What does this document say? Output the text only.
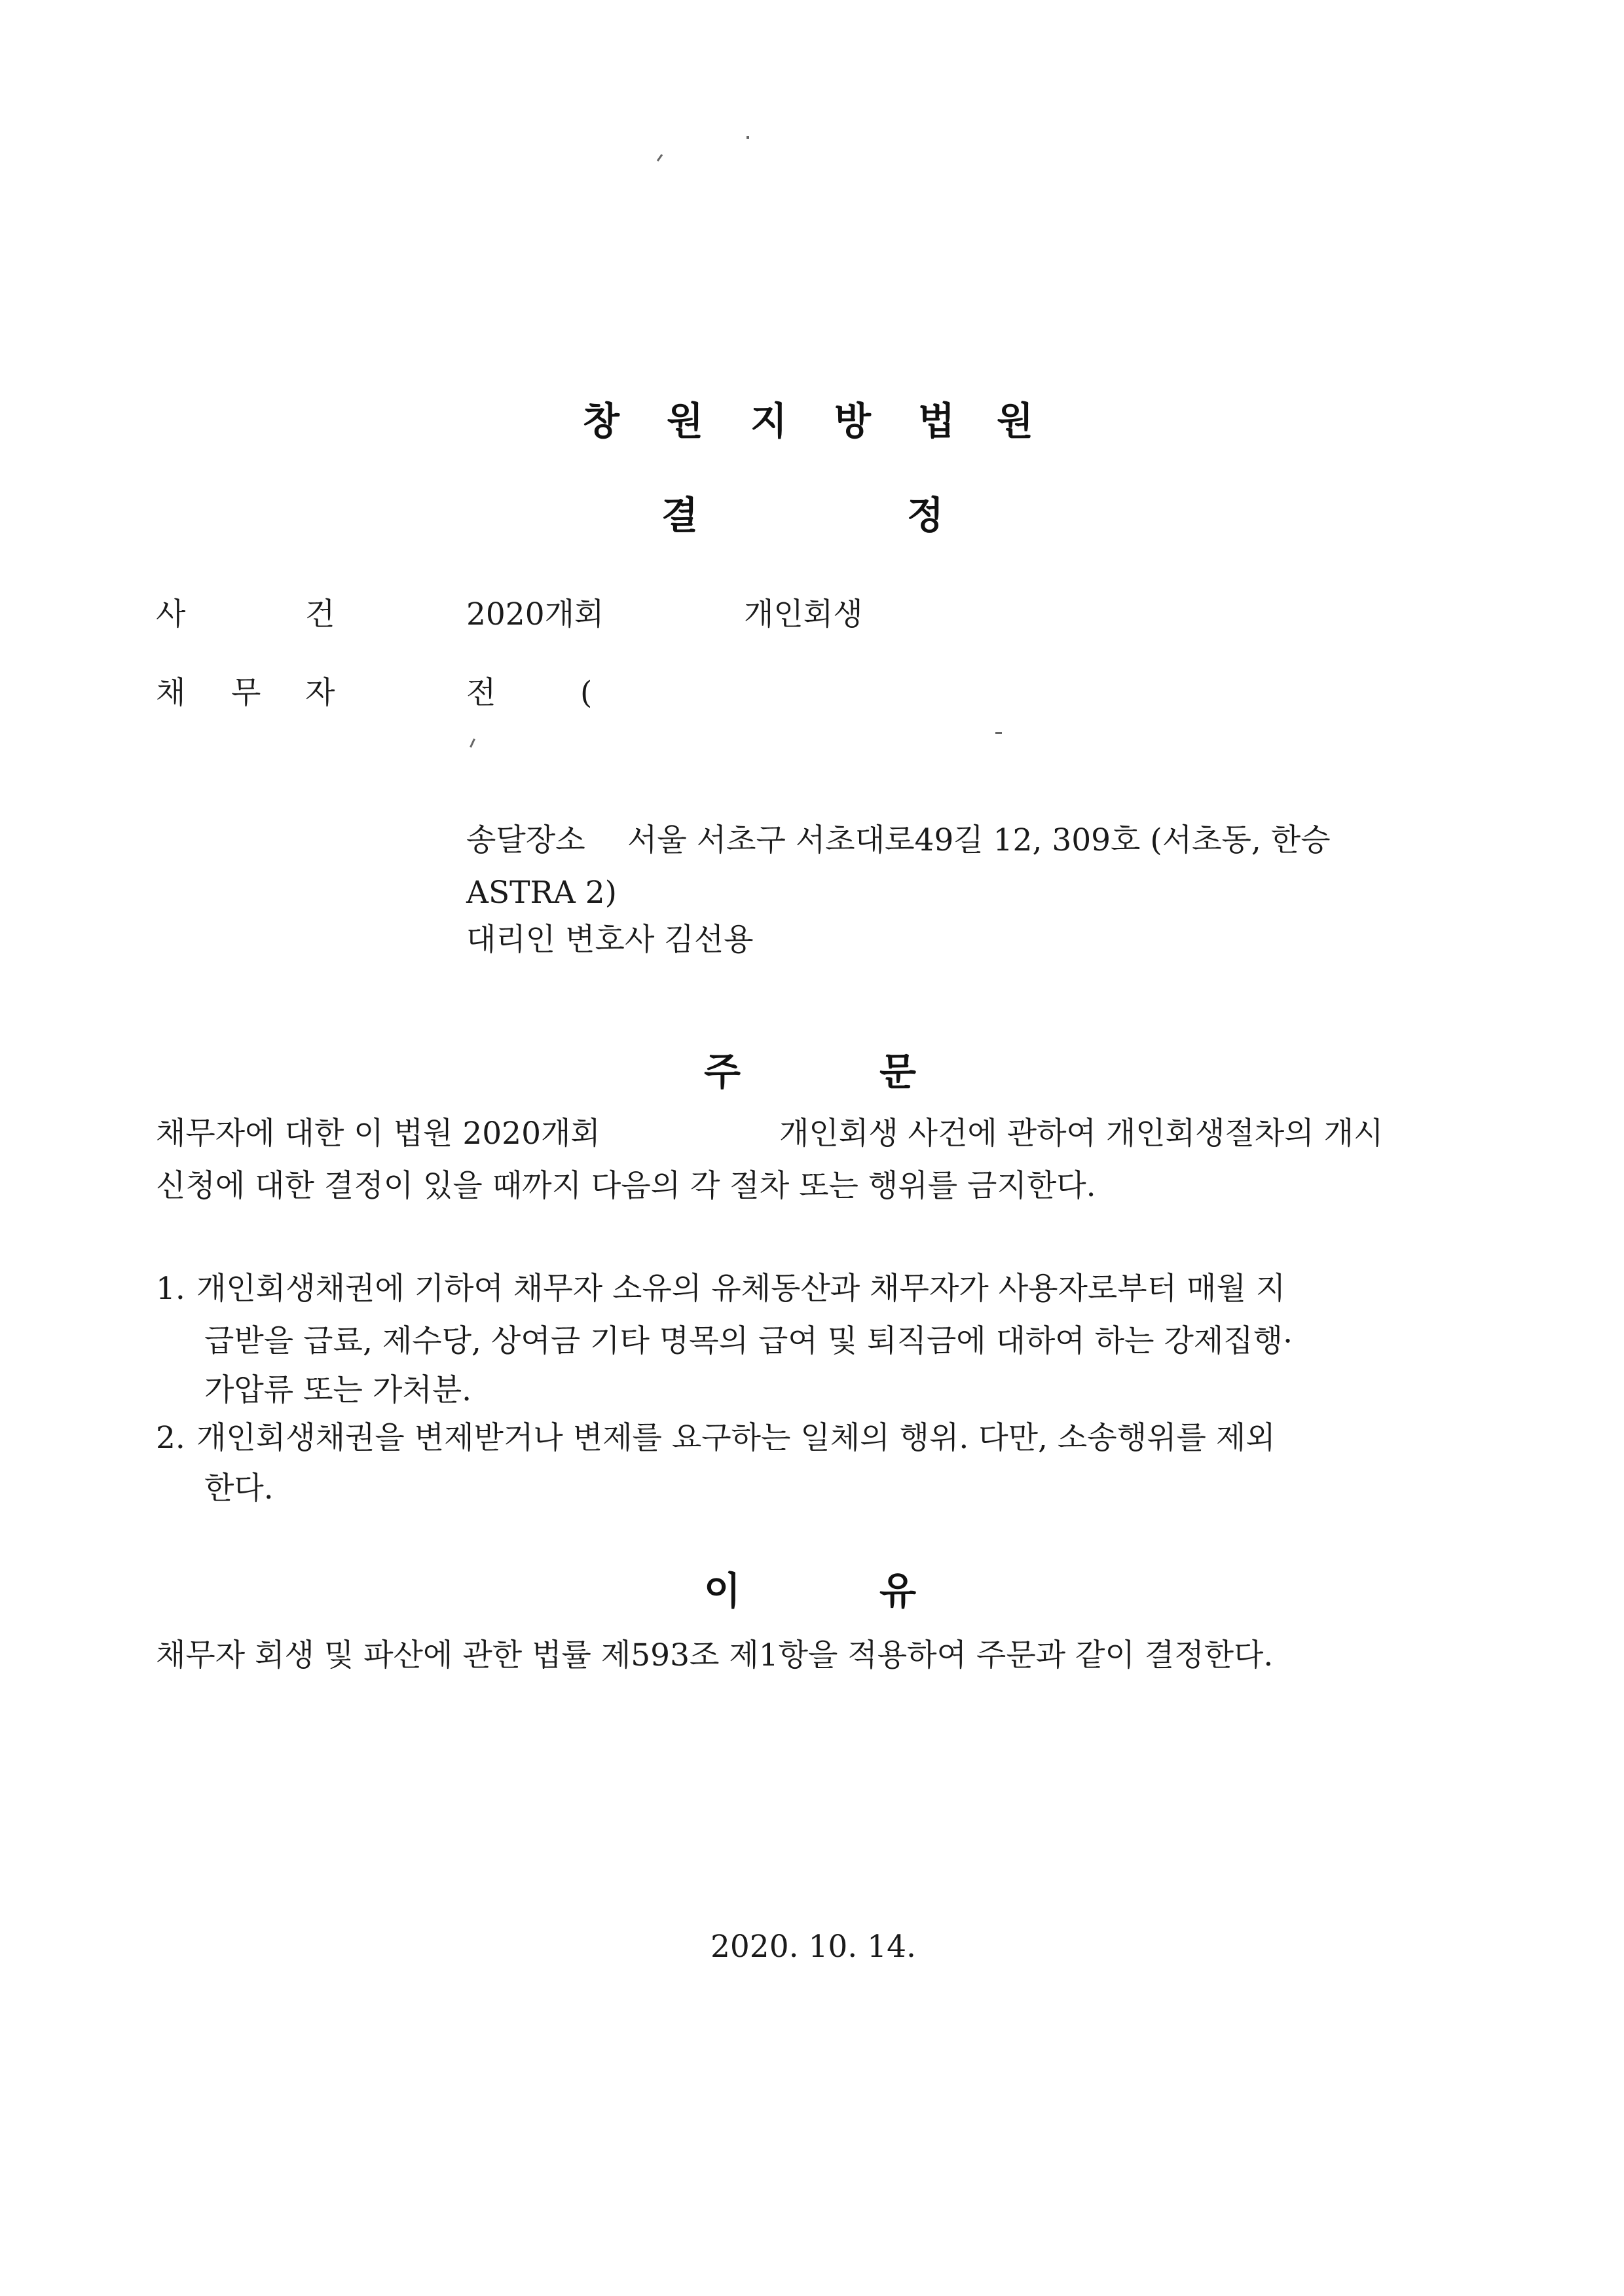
창 원 지 방 법 원
결	정
사	건	2020개회	개인회생
채 무 자	전	(
송달장소 서울 서초구 서초대로49길 12, 309호 (서초동, 한승
ASTRA 2)
대리인 변호사 김선용
주	문
채무자에 대한 이 법원 2020개회	개인회생 사건에 관하여 개인회생절차의 개시
신청에 대한 결정이 있을 때까지 다음의 각 절차 또는 행위를 금지한다.
1. 개인회생채권에 기하여 채무자 소유의 유체동산과 채무자가 사용자로부터 매월 지
급받을 급료, 제수당, 상여금 기타 명목의 급여 및 퇴직금에 대하여 하는 강제집행·
가압류 또는 가처분.
2. 개인회생채권을 변제받거나 변제를 요구하는 일체의 행위. 다만, 소송행위를 제외
한다.
이	유
채무자 회생 및 파산에 관한 법률 제593조 제1항을 적용하여 주문과 같이 결정한다.
2020. 10. 14.
